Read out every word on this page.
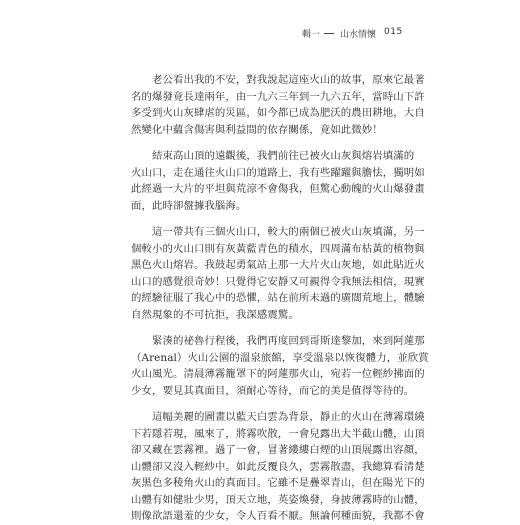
輯一 山水情懷 015
老公看出我的不安，對我說起這座火山的故事，原來它最著
名的爆發竟長達兩年，由一九六三年到一九六五年，當時山下許
多受到火山灰肆虐的災區，如今都已成為肥沃的農田耕地，大自
然變化中蘊含傷害與利益間的依存關係，竟如此微妙！
結束高山頂的遠觀後，我們前往已被火山灰與熔岩填滿的
火山口，走在通往火山口的道路上，我有些躍躍與膽怯，獨明如
此經過一大片的平坦與荒涼不會傷我，但驚心動魄的火山爆發畫
面，此時卻盤據我腦海。
這一帶共有三個火山口，較大的兩個已被火山灰填滿，另一
個較小的火山口則有灰黃藍青色的積水，四周滿布枯黃的植物與
黑色火山熔岩。我鼓起勇氣站上那一大片火山灰地，如此貼近火
山口的感覺很奇妙！只覺得它安靜又可親得令我無法相信，現實
的經驗征服了我心中的恐懼，站在前所未過的廣闊荒地上，體驗
自然現象的不可抗拒，我深感震驚。
緊湊的祕魯行程後，我們再度回到哥斯達黎加，來到阿蓮那
（Arenal）火山公園的溫泉旅館，享受溫泉以恢復體力，並欣賞
火山風光。清晨薄霧籠罩下的阿蓮那火山，宛若一位輕紗拂面的
少女，要見其真面目，須耐心等待，而它的美是值得等待的。
這幅美麗的圖畫以藍天白雲為背景，靜止的火山在薄霧環繞
下若隱若現，風來了，將霧吹散，一會兒露出大半截山體，山頂
卻又藏在雲霧裡。過了一會，冒著縷縷白煙的山頂展露出容顏，
山體卻又沒入輕紗中。如此反覆良久，雲霧散盡，我總算看清楚
灰黑色多稜角火山的真面目。它雖不是疊翠青山，但在陽光下的
山體有如健壯少男，頂天立地，英姿煥發，身披薄霧時的山體，
則像欲語還羞的少女，令人百看不厭。無論何種面貌，我都不會
